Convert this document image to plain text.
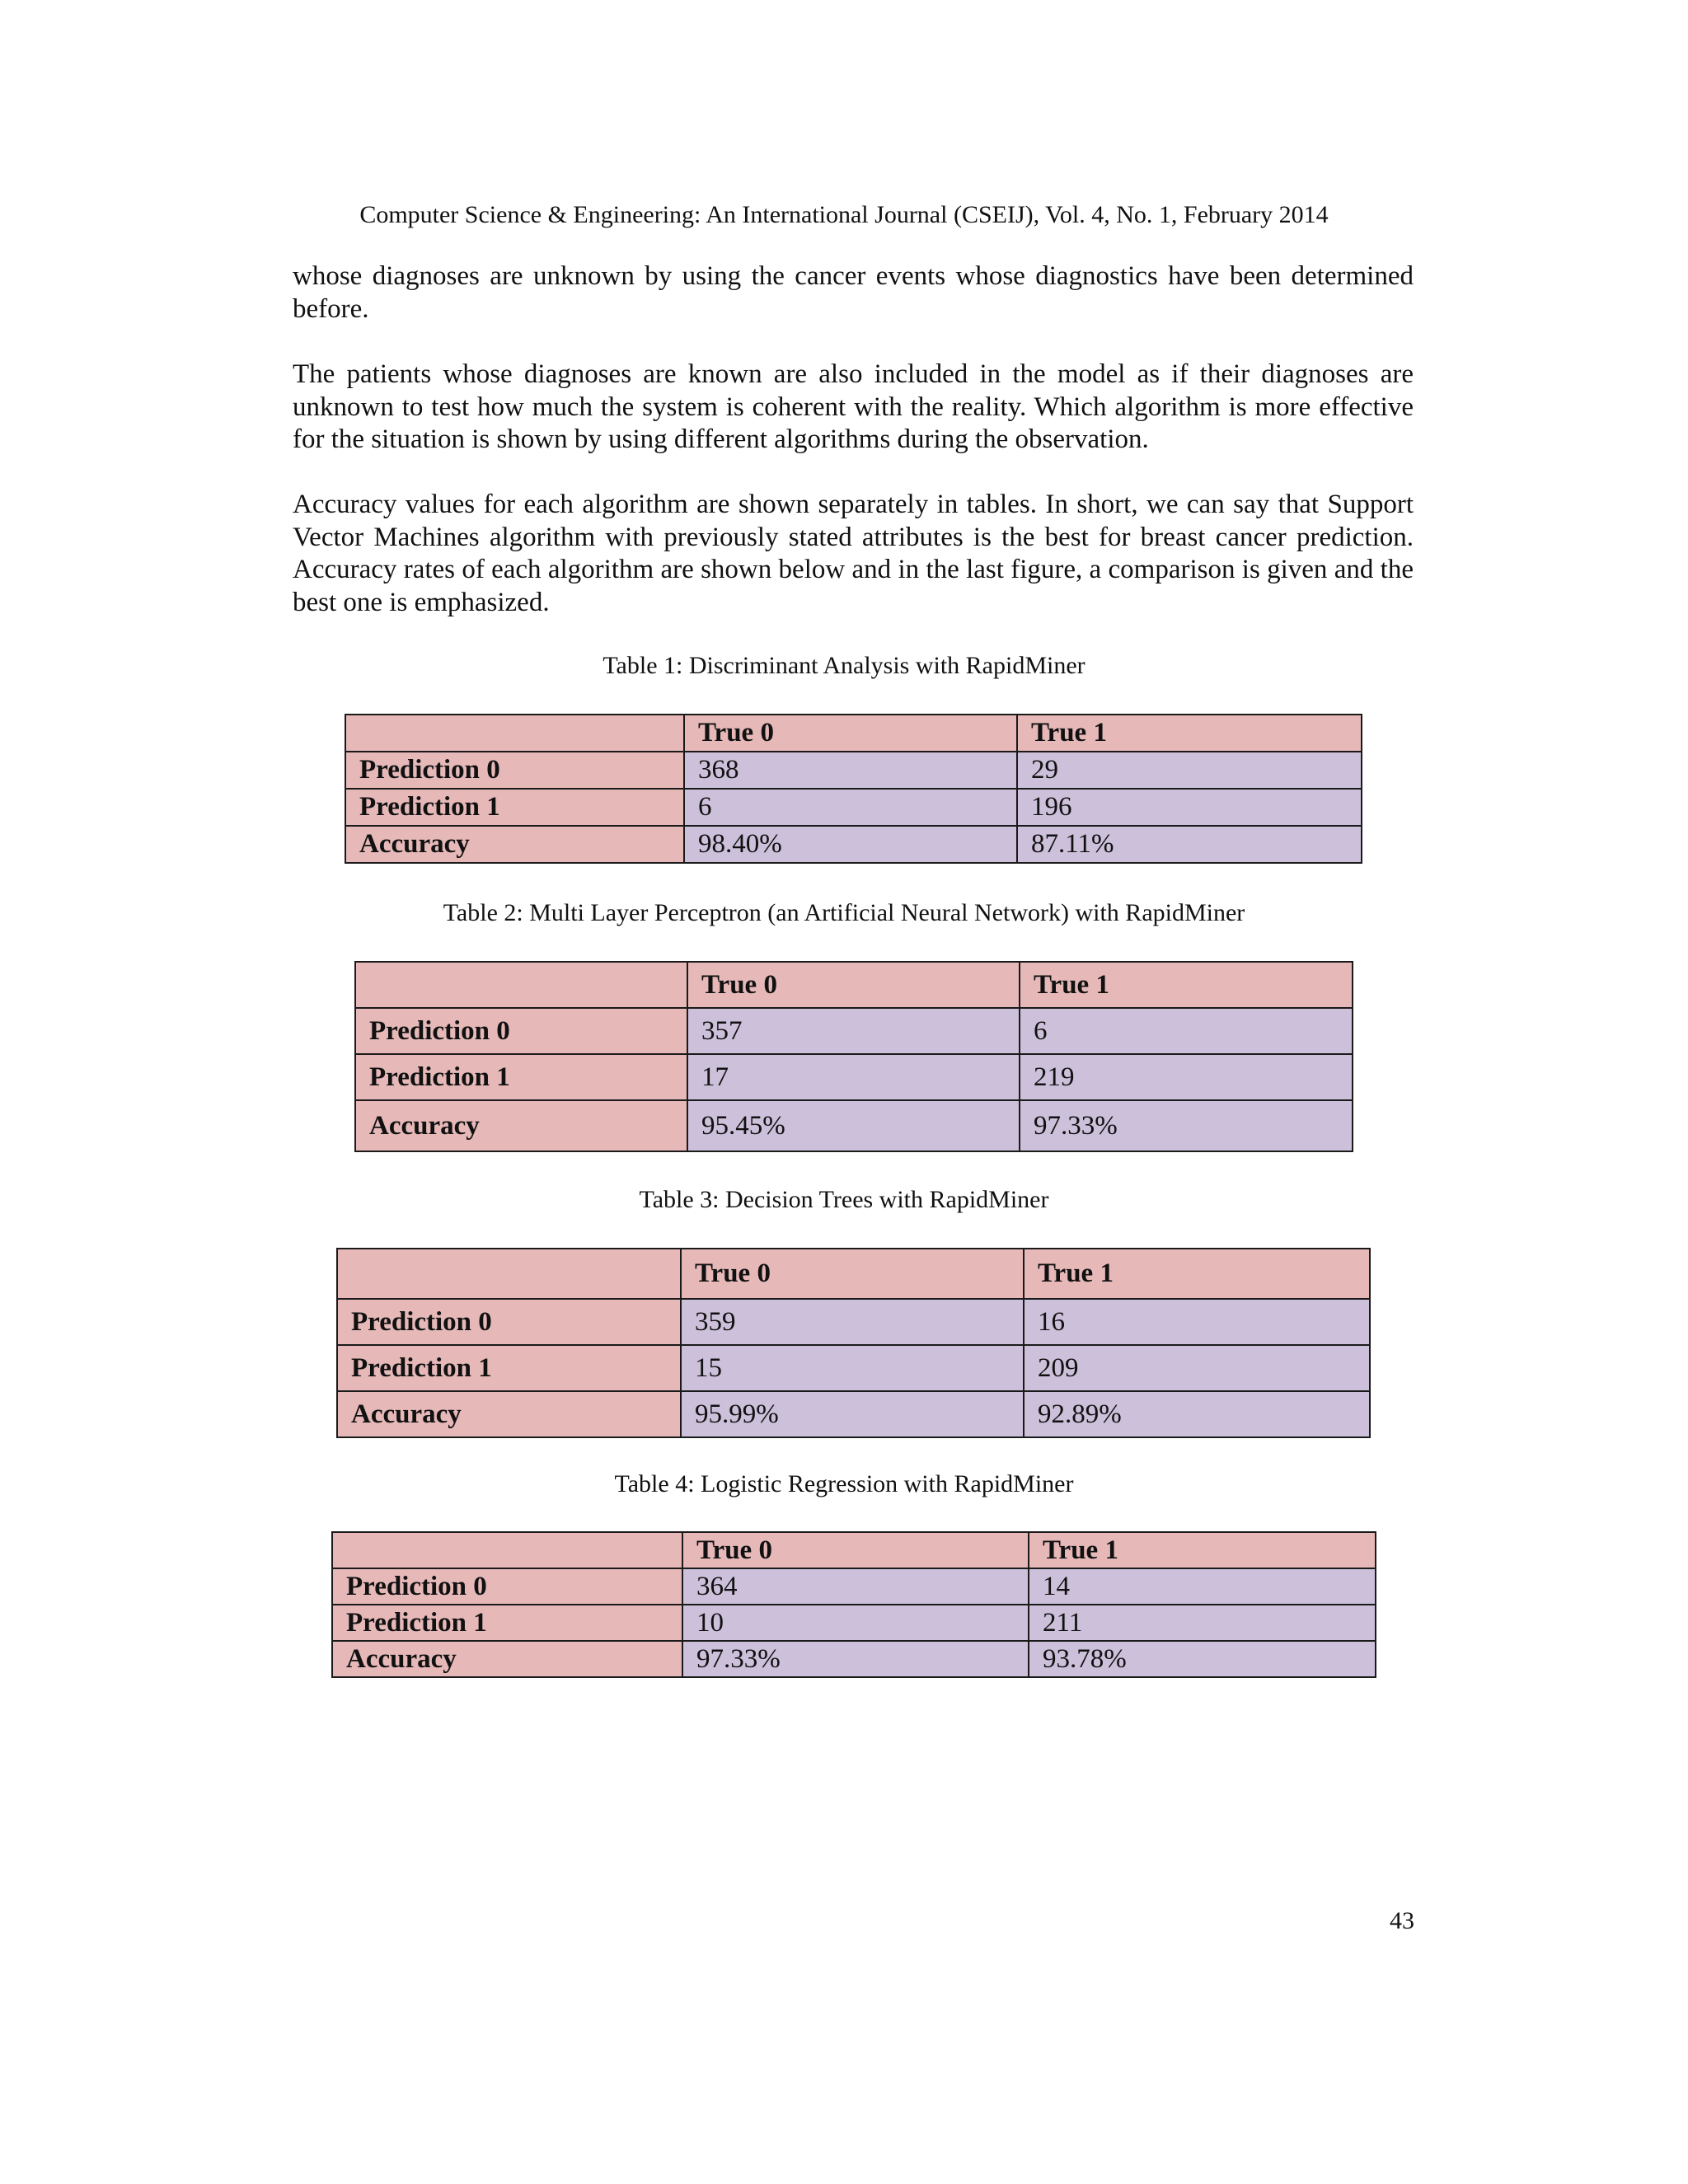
Computer Science & Engineering: An International Journal (CSEIJ), Vol. 4, No. 1, February 2014

whose diagnoses are unknown by using the cancer events whose diagnostics have been determined before.

The patients whose diagnoses are known are also included in the model as if their diagnoses are unknown to test how much the system is coherent with the reality. Which algorithm is more effective for the situation is shown by using different algorithms during the observation.

Accuracy values for each algorithm are shown separately in tables. In short, we can say that Support Vector Machines algorithm with previously stated attributes is the best for breast cancer prediction. Accuracy rates of each algorithm are shown below and in the last figure, a comparison is given and the best one is emphasized.

Table 1: Discriminant Analysis with RapidMiner
	True 0	True 1
Prediction 0	368	29
Prediction 1	6	196
Accuracy	98.40%	87.11%
Table 2: Multi Layer Perceptron (an Artificial Neural Network) with RapidMiner
	True 0	True 1
Prediction 0	357	6
Prediction 1	17	219
Accuracy	95.45%	97.33%
Table 3: Decision Trees with RapidMiner
	True 0	True 1
Prediction 0	359	16
Prediction 1	15	209
Accuracy	95.99%	92.89%
Table 4: Logistic Regression with RapidMiner
	True 0	True 1
Prediction 0	364	14
Prediction 1	10	211
Accuracy	97.33%	93.78%
43
